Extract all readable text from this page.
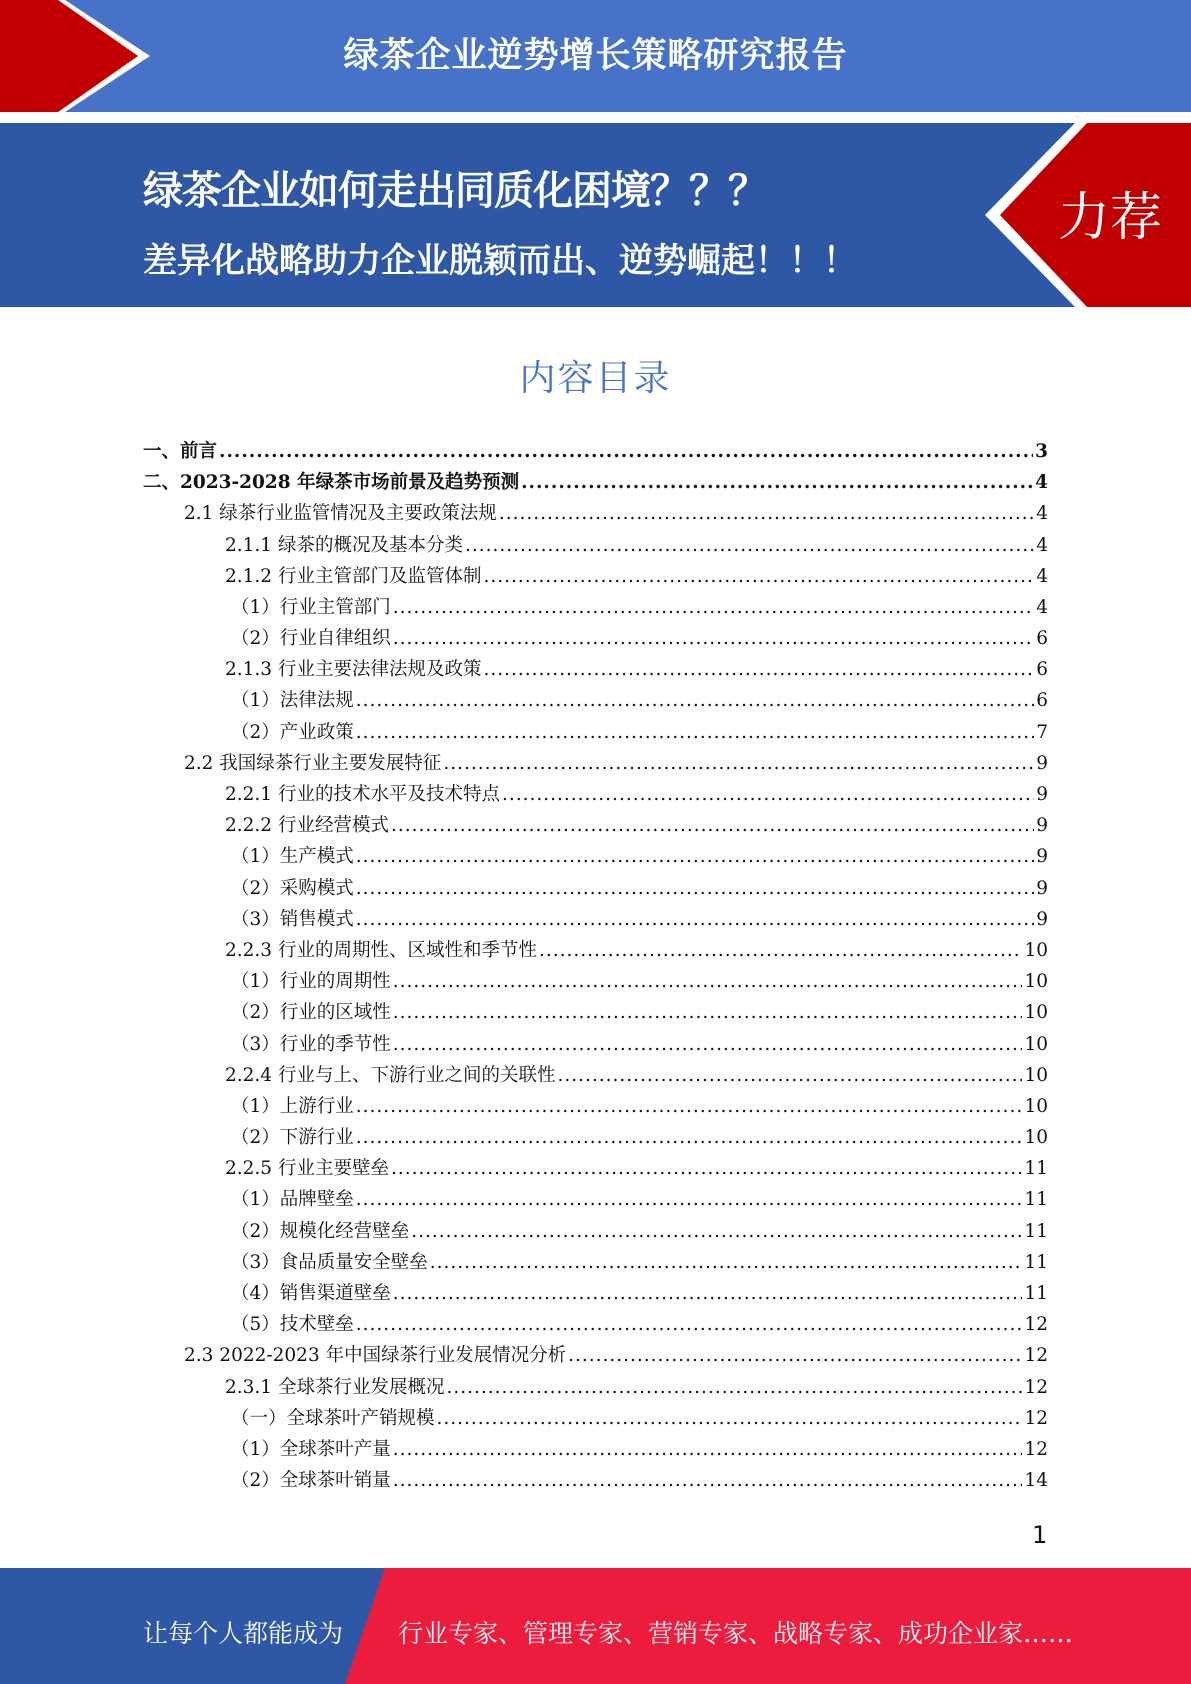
绿茶企业逆势增长策略研究报告
绿茶企业如何走出同质化困境？？？
差异化战略助力企业脱颖而出、逆势崛起！！！
力荐
内容目录
一、前言 .....	3
二、2023-2028 年绿茶市场前景及趋势预测 .....	4
2.1 绿茶行业监管情况及主要政策法规 .....	4
2.1.1 绿茶的概况及基本分类 .....	4
2.1.2 行业主管部门及监管体制 .....	4
（1）行业主管部门 .....	4
（2）行业自律组织 .....	6
2.1.3 行业主要法律法规及政策 .....	6
（1）法律法规 .....	6
（2）产业政策 .....	7
2.2 我国绿茶行业主要发展特征 .....	9
2.2.1 行业的技术水平及技术特点 .....	9
2.2.2 行业经营模式 .....	9
（1）生产模式 .....	9
（2）采购模式 .....	9
（3）销售模式 .....	9
2.2.3 行业的周期性、区域性和季节性 .....	10
（1）行业的周期性 .....	10
（2）行业的区域性 .....	10
（3）行业的季节性 .....	10
2.2.4 行业与上、下游行业之间的关联性 .....	10
（1）上游行业 .....	10
（2）下游行业 .....	10
2.2.5 行业主要壁垒 .....	11
（1）品牌壁垒 .....	11
（2）规模化经营壁垒 .....	11
（3）食品质量安全壁垒 .....	11
（4）销售渠道壁垒 .....	11
（5）技术壁垒 .....	12
2.3 2022-2023 年中国绿茶行业发展情况分析 .....	12
2.3.1 全球茶行业发展概况 .....	12
（一）全球茶叶产销规模 .....	12
（1）全球茶叶产量 .....	12
（2）全球茶叶销量 .....	14
1
让每个人都能成为 行业专家、管理专家、营销专家、战略专家、成功企业家……
